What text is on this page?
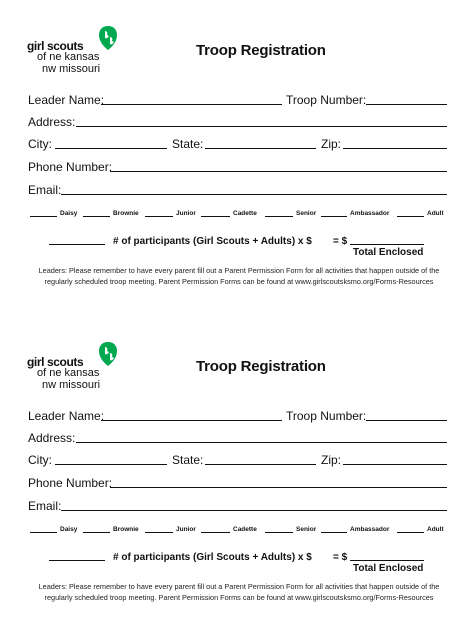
girl scouts
of ne kansas
nw missouri
Troop Registration
Leader Name:	Troop Number:
Address:
City:	State:	Zip:
Phone Number:
Email:
Daisy	Brownie	Junior	Cadette	Senior	Ambassador	Adult
# of participants (Girl Scouts + Adults) x $ = $
Total Enclosed
Leaders: Please remember to have every parent fill out a Parent Permission Form for all activities that happen outside of the regularly scheduled troop meeting. Parent Permission Forms can be found at www.girlscoutsksmo.org/Forms-Resources
girl scouts
of ne kansas
nw missouri
Troop Registration
Leader Name:	Troop Number:
Address:
City:	State:	Zip:
Phone Number:
Email:
Daisy	Brownie	Junior	Cadette	Senior	Ambassador	Adult
# of participants (Girl Scouts + Adults) x $ = $
Total Enclosed
Leaders: Please remember to have every parent fill out a Parent Permission Form for all activities that happen outside of the regularly scheduled troop meeting. Parent Permission Forms can be found at www.girlscoutsksmo.org/Forms-Resources
